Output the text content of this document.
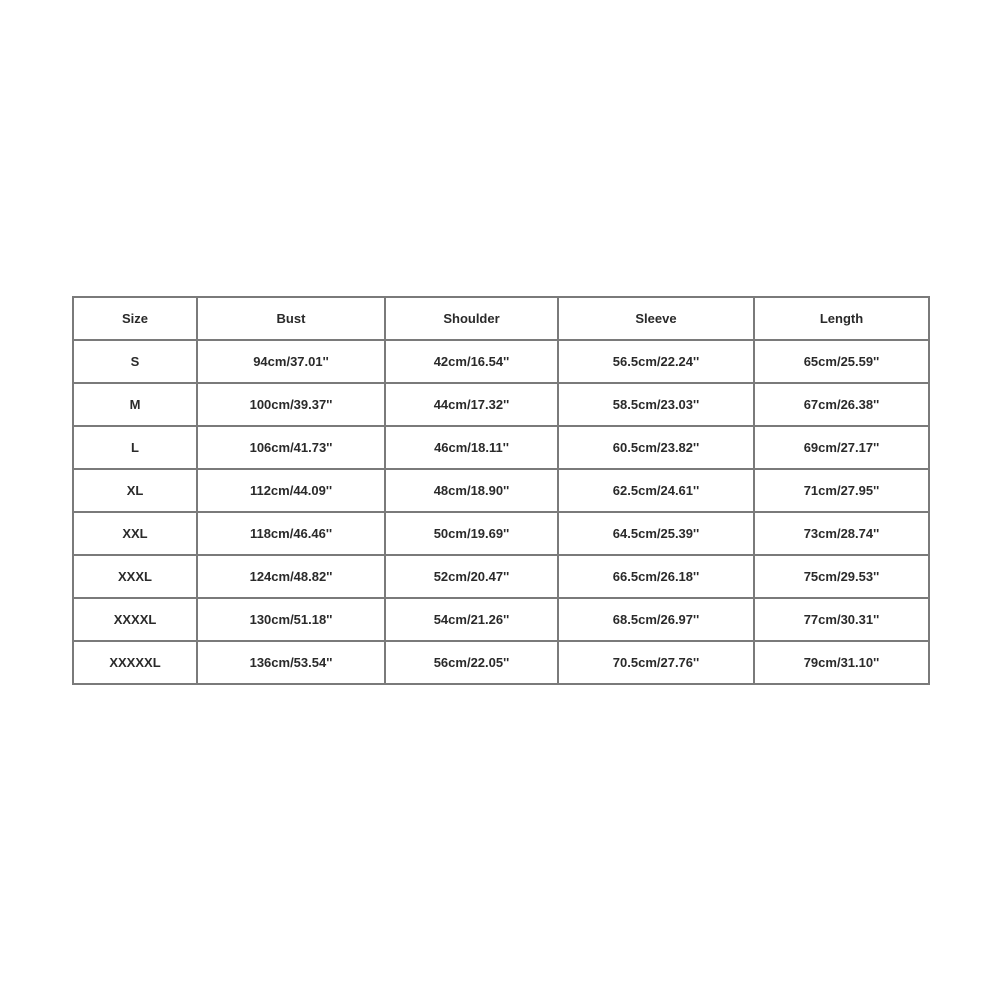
Size	Bust	Shoulder	Sleeve	Length
S	94cm/37.01''	42cm/16.54''	56.5cm/22.24''	65cm/25.59''
M	100cm/39.37''	44cm/17.32''	58.5cm/23.03''	67cm/26.38''
L	106cm/41.73''	46cm/18.11''	60.5cm/23.82''	69cm/27.17''
XL	112cm/44.09''	48cm/18.90''	62.5cm/24.61''	71cm/27.95''
XXL	118cm/46.46''	50cm/19.69''	64.5cm/25.39''	73cm/28.74''
XXXL	124cm/48.82''	52cm/20.47''	66.5cm/26.18''	75cm/29.53''
XXXXL	130cm/51.18''	54cm/21.26''	68.5cm/26.97''	77cm/30.31''
XXXXXL	136cm/53.54''	56cm/22.05''	70.5cm/27.76''	79cm/31.10''
